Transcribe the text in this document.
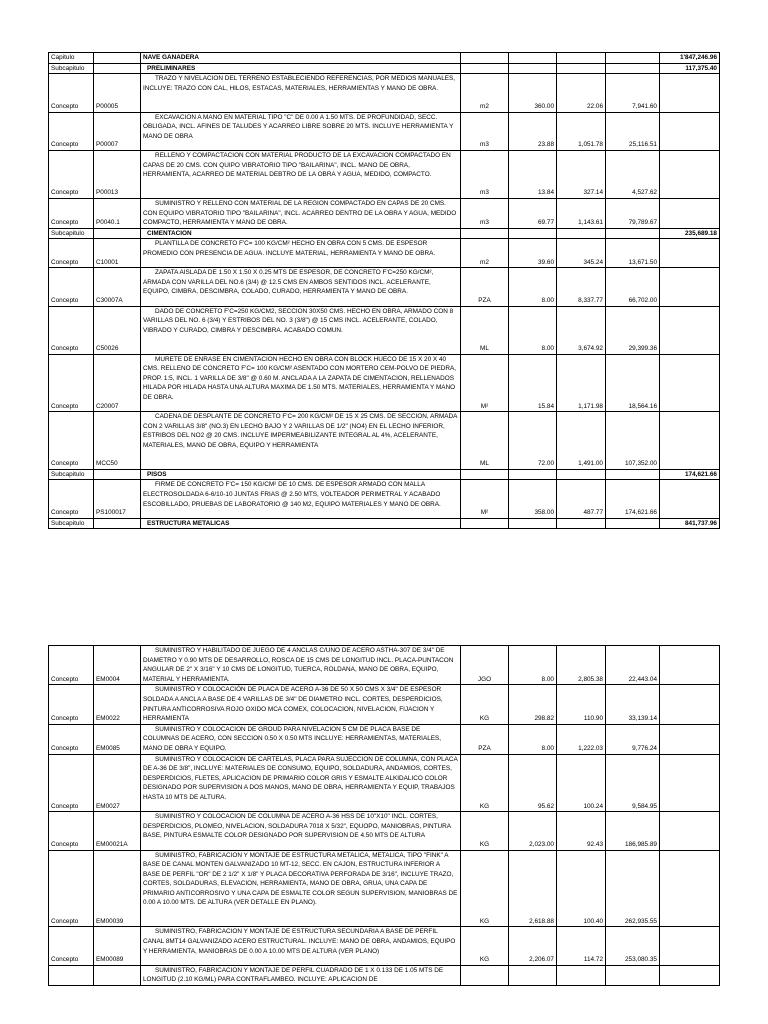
Capitulo		NAVE GANADERA					1'847,246.96
Subcapitulo		PRELIMINARES					117,375.40
Concepto	P00005	TRAZO Y NIVELACION DEL TERRENO ESTABLECIENDO REFERENCIAS, POR MEDIOS MANUALES, INCLUYE: TRAZO CON CAL, HILOS, ESTACAS, MATERIALES, HERRAMIENTAS Y MANO DE OBRA.	m2	360.00	22.06	7,941.60	
Concepto	P00007	EXCAVACION A MANO EN MATERIAL TIPO "C" DE 0.00 A 1.50 MTS. DE PROFUNDIDAD, SECC. OBLIGADA, INCL. AFINES DE TALUDES Y ACARREO LIBRE SOBRE 20 MTS. INCLUYE HERRAMIENTA Y MANO DE OBRA	m3	23.88	1,051.78	25,116.51	
Concepto	P00013	RELLENO Y COMPACTACION CON MATERIAL PRODUCTO DE LA EXCAVACION COMPACTADO EN CAPAS DE 20 CMS. CON QUIPO VIBRATORIO TIPO "BAILARINA", INCL. MANO DE OBRA, HERRAMIENTA, ACARREO DE MATERIAL DEBTRO DE LA OBRA Y AGUA, MEDIDO, COMPACTO.	m3	13.84	327.14	4,527.62	
Concepto	P0040.1	SUMINISTRO Y RELLENO CON MATERIAL DE LA REGION COMPACTADO EN CAPAS DE 20 CMS. CON EQUIPO VIBRATORIO TIPO "BAILARINA", INCL. ACARREO DENTRO DE LA OBRA Y AGUA, MEDIDO COMPACTO, HERRAMIENTA Y MANO DE OBRA.	m3	69.77	1,143.61	79,789.67	
Subcapitulo		CIMENTACION					235,689.18
Concepto	C10001	PLANTILLA DE CONCRETO F'C= 100 KG/CM² HECHO EN OBRA CON 5 CMS. DE ESPESOR PROMEDIO CON PRESENCIA DE AGUA. INCLUYE MATERIAL, HERRAMIENTA Y MANO DE OBRA.	m2	39.60	345.24	13,671.50	
Concepto	C30007A	ZAPATA AISLADA DE 1.50 X 1.50 X 0.25 MTS DE ESPESOR, DE CONCRETO F'C=250 KG/CM², ARMADA CON VARILLA DEL NO.6 (3/4) @ 12.5 CMS EN AMBOS SENTIDOS INCL. ACELERANTE, EQUIPO, CIMBRA, DESCIMBRA, COLADO, CURADO, HERRAMIENTA Y MANO DE OBRA.	PZA	8.00	8,337.77	66,702.00	
Concepto	C50026	DADO DE CONCRETO F'C=250 KG/CM2, SECCION 30X50 CMS. HECHO EN OBRA, ARMADO CON 8 VARILLAS DEL NO. 6 (3/4) Y ESTRIBOS DEL NO. 3 (3/8") @ 15 CMS INCL. ACELERANTE, COLADO, VIBRADO Y CURADO, CIMBRA Y DESCIMBRA. ACABADO COMUN.	ML	8.00	3,674.92	29,399.36	
Concepto	C20007	MURETE DE ENRASE EN CIMENTACION HECHO EN OBRA CON BLOCK HUECO DE 15 X 20 X 40 CMS. RELLENO DE CONCRETO F'C= 100 KG/CM² ASENTADO CON MORTERO CEM-POLVO DE PIEDRA, PROP. 1:5, INCL. 1 VARILLA DE 3/8" @ 0.60 M. ANCLADA A LA ZAPATA DE CIMENTACION, RELLENADOS HILADA POR HILADA HASTA UNA ALTURA MAXIMA DE 1.50 MTS. MATERIALES, HERRAMIENTA Y MANO DE OBRA.	M²	15.84	1,171.98	18,564.16	
Concepto	MCC50	CADENA DE DESPLANTE DE CONCRETO F'C= 200 KG/CM² DE 15 X 25 CMS. DE SECCION, ARMADA CON 2 VARILLAS 3/8" (NO.3) EN LECHO BAJO Y 2 VARILLAS DE 1/2" (NO4) EN EL LECHO INFERIOR, ESTRIBOS DEL NO2 @ 20 CMS. INCLUYE IMPERMEABILIZANTE INTEGRAL AL 4%, ACELERANTE, MATERIALES, MANO DE OBRA, EQUIPO Y HERRAMIENTA	ML	72.00	1,491.00	107,352.00	
Subcapitulo		PISOS					174,621.66
Concepto	PS100017	FIRME DE CONCRETO F'C= 150 KG/CM² DE 10 CMS. DE ESPESOR ARMADO CON MALLA ELECTROSOLDADA 6-6/10-10 JUNTAS FRIAS @ 2.50 MTS, VOLTEADOR PERIMETRAL Y ACABADO ESCOBILLADO, PRUEBAS DE LABORATORIO @ 140 M2, EQUIPO MATERIALES Y MANO DE OBRA.	M²	358.00	487.77	174,621.66	
Subcapitulo		ESTRUCTURA METALICAS					841,737.96
Concepto	EM0004	SUMINISTRO Y HABILITADO DE JUEGO DE 4 ANCLAS C/UNO DE ACERO ASTHA-307 DE 3/4" DE DIAMETRO Y 0.90 MTS DE DESARROLLO, ROSCA DE 15 CMS DE LONGITUD INCL. PLACA-PUNTACON ANGULAR DE 2" X 3/16" Y 10 CMS DE LONGITUD, TUERCA, ROLDANA, MANO DE OBRA, EQUIPO, MATERIAL Y HERRAMIENTA.	JGO	8.00	2,805.38	22,443.04	
Concepto	EM0022	SUMINISTRO Y COLOCACIÓN DE PLACA DE ACERO A-36 DE 50 X 50 CMS X 3/4" DE ESPESOR SOLDADA A ANCLA A BASE DE 4 VARILLAS DE 3/4" DE DIAMETRO INCL. CORTES, DESPERDICIOS, PINTURA ANTICORROSIVA ROJO OXIDO MCA COMEX, COLOCACION, NIVELACION, FIJACION Y HERRAMIENTA	KG	298.82	110.90	33,139.14	
Concepto	EM0085	SUMINISTRO Y COLOCACION DE GROUD PARA NIVELACION 5 CM DE PLACA BASE DE COLUMNAS DE ACERO, CON SECCION 0.50 X 0.50 MTS INCLUYE: HERRAMIENTAS, MATERIALES, MANO DE OBRA Y EQUIPO.	PZA	8.00	1,222.03	9,776.24	
Concepto	EM0027	SUMINISTRO Y COLOCACION DE CARTELAS, PLACA PARA SUJECCION DE COLUMNA, CON PLACA DE A-36 DE 3/8", INCLUYE: MATERIALES DE CONSUMO, EQUIPO, SOLDADURA, ANDAMIOS, CORTES, DESPERDICIOS, FLETES, APLICACION DE PRIMARIO COLOR GRIS Y ESMALTE ALKIDALICO COLOR DESIGNADO POR SUPERVISION A DOS MANOS, MANO DE OBRA, HERRAMIENTA Y EQUIP, TRABAJOS HASTA 10 MTS DE ALTURA.	KG	95.62	100.24	9,584.95	
Concepto	EM00021A	SUMINISTRO Y COLOCACION DE COLUMNA DE ACERO A-36 HSS DE 10"X10" INCL. CORTES, DESPERDICIOS, PLOMEO, NIVELACION, SOLDADURA 7018 X 5/32", EQUOPO, MANIOBRAS, PINTURA BASE, PINTURA ESMALTE COLOR DESIGNADO POR SUPERVISION DE 4.50 MTS DE ALTURA	KG	2,023.00	92.43	186,985.89	
Concepto	EM00039	SUMINISTRO, FABRICACION Y MONTAJE DE ESTRUCTURA METALICA, METALICA, TIPO "FINK" A BASE DE CANAL MONTEN GALVANIZADO 10 MT-12, SECC. EN CAJON, ESTRUCTURA INFERIOR A BASE DE PERFIL "OR" DE 2 1/2" X 1/8" Y PLACA DECORATIVA PERFORADA DE 3/16", INCLUYE TRAZO, CORTES, SOLDADURAS, ELEVACION, HERRAMIENTA, MANO DE OBRA, GRUA, UNA CAPA DE PRIMARIO ANTICORROSIVO Y UNA CAPA DE ESMALTE COLOR SEGUN SUPERVISION, MANIOBRAS DE 0.00 A 10.00 MTS. DE ALTURA (VER DETALLE EN PLANO).	KG	2,618.88	100.40	262,935.55	
Concepto	EM00089	SUMINISTRO, FABRICACION Y MONTAJE DE ESTRUCTURA SECUNDARIA A BASE DE PERFIL CANAL 8MT14 GALVANIZADO ACERO ESTRUCTURAL. INCLUYE: MANO DE OBRA, ANDAMIOS, EQUIPO Y HERRAMIENTA, MANIOBRAS DE 0.00 A 10.00 MTS DE ALTURA (VER PLANO)	KG	2,206.07	114.72	253,080.35	
		SUMINISTRO, FABRICACION Y MONTAJE DE PERFIL CUADRADO DE 1 X 0.133 DE 1.05 MTS DE LONGITUD (2.10 KG/ML) PARA CONTRAFLAMBEO. INCLUYE: APLICACION DE					
